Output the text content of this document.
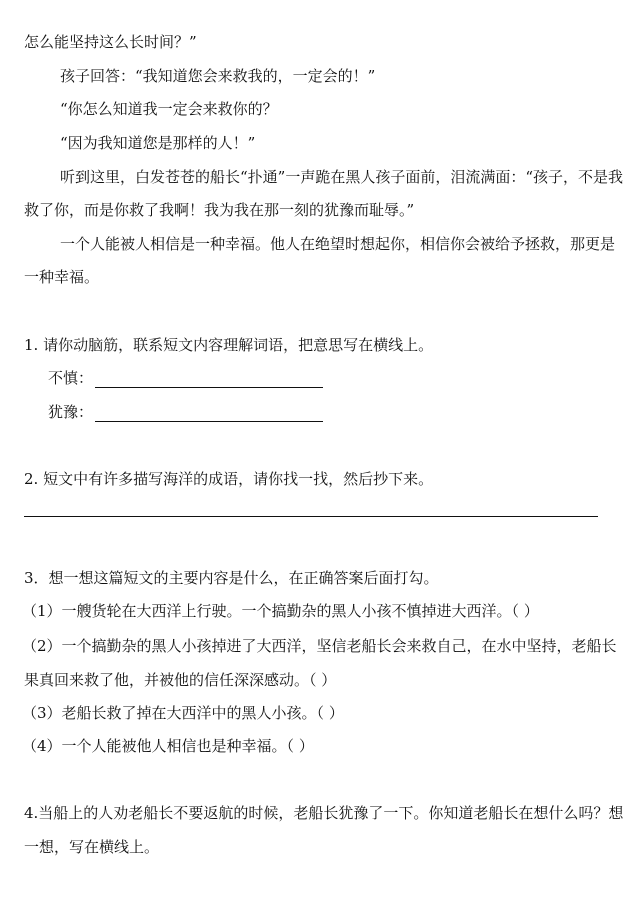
怎么能坚持这么长时间？”
孩子回答：“我知道您会来救我的，一定会的！”
“你怎么知道我一定会来救你的？
“因为我知道您是那样的人！”
听到这里，白发苍苍的船长“扑通”一声跪在黑人孩子面前，泪流满面：“孩子，不是我
救了你，而是你救了我啊！我为我在那一刻的犹豫而耻辱。”
一个人能被人相信是一种幸福。他人在绝望时想起你，相信你会被给予拯救，那更是
一种幸福。
1. 请你动脑筋，联系短文内容理解词语，把意思写在横线上。
不慎：
犹豫：
2. 短文中有许多描写海洋的成语，请你找一找，然后抄下来。
3．想一想这篇短文的主要内容是什么，在正确答案后面打勾。
（1）一艘货轮在大西洋上行驶。一个搞勤杂的黑人小孩不慎掉进大西洋。（ ）
（2）一个搞勤杂的黑人小孩掉进了大西洋，坚信老船长会来救自己，在水中坚持，老船长
果真回来救了他，并被他的信任深深感动。（ ）
（3）老船长救了掉在大西洋中的黑人小孩。（ ）
（4）一个人能被他人相信也是种幸福。（ ）
4.当船上的人劝老船长不要返航的时候，老船长犹豫了一下。你知道老船长在想什么吗？想
一想，写在横线上。
